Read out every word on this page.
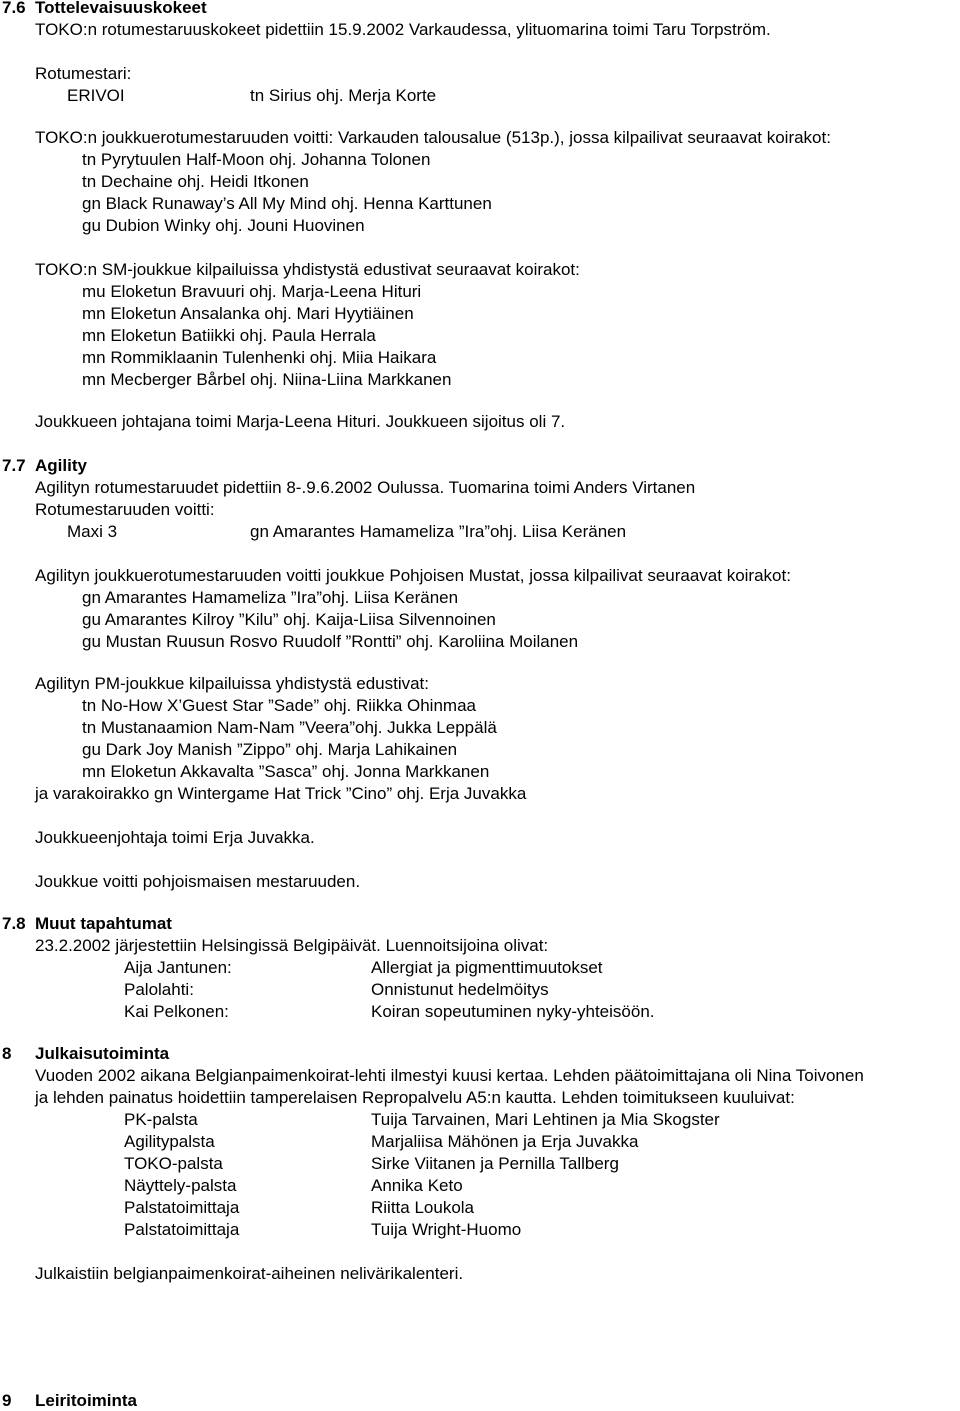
7.6 Tottelevaisuuskokeet
TOKO:n rotumestaruuskokeet pidettiin 15.9.2002 Varkaudessa, ylituomarina toimi Taru Torpström.
Rotumestari:
ERIVOI	tn Sirius ohj. Merja Korte
TOKO:n joukkuerotumestaruuden voitti: Varkauden talousalue (513p.), jossa kilpailivat seuraavat koirakot:
tn Pyrytuulen Half-Moon ohj. Johanna Tolonen
tn Dechaine ohj. Heidi Itkonen
gn Black Runaway’s All My Mind ohj. Henna Karttunen
gu Dubion Winky ohj. Jouni Huovinen
TOKO:n SM-joukkue kilpailuissa yhdistystä edustivat seuraavat koirakot:
mu Eloketun Bravuuri ohj. Marja-Leena Hituri
mn Eloketun Ansalanka ohj. Mari Hyytiäinen
mn Eloketun Batiikki ohj. Paula Herrala
mn Rommiklaanin Tulenhenki ohj. Miia Haikara
mn Mecberger Bårbel ohj. Niina-Liina Markkanen
Joukkueen johtajana toimi Marja-Leena Hituri. Joukkueen sijoitus oli 7.
7.7 Agility
Agilityn rotumestaruudet pidettiin 8-.9.6.2002 Oulussa. Tuomarina toimi Anders Virtanen
Rotumestaruuden voitti:
Maxi 3	gn Amarantes Hamameliza ”Ira”ohj. Liisa Keränen
Agilityn joukkuerotumestaruuden voitti joukkue Pohjoisen Mustat, jossa kilpailivat seuraavat koirakot:
gn Amarantes Hamameliza ”Ira”ohj. Liisa Keränen
gu Amarantes Kilroy ”Kilu” ohj. Kaija-Liisa Silvennoinen
gu Mustan Ruusun Rosvo Ruudolf ”Rontti” ohj. Karoliina Moilanen
Agilityn PM-joukkue kilpailuissa yhdistystä edustivat:
tn No-How X’Guest Star ”Sade” ohj. Riikka Ohinmaa
tn Mustanaamion Nam-Nam ”Veera”ohj. Jukka Leppälä
gu Dark Joy Manish ”Zippo” ohj. Marja Lahikainen
mn Eloketun Akkavalta ”Sasca” ohj. Jonna Markkanen
ja varakoirakko gn Wintergame Hat Trick ”Cino” ohj. Erja Juvakka
Joukkueenjohtaja toimi Erja Juvakka.
Joukkue voitti pohjoismaisen mestaruuden.
7.8 Muut tapahtumat
23.2.2002 järjestettiin Helsingissä Belgipäivät. Luennoitsijoina olivat:
Aija Jantunen:	Allergiat ja pigmenttimuutokset
Palolahti:	Onnistunut hedelmöitys
Kai Pelkonen:	Koiran sopeutuminen nyky-yhteisöön.
8 Julkaisutoiminta
Vuoden 2002 aikana Belgianpaimenkoirat-lehti ilmestyi kuusi kertaa. Lehden päätoimittajana oli Nina Toivonen
ja lehden painatus hoidettiin tamperelaisen Repropalvelu A5:n kautta. Lehden toimitukseen kuuluivat:
PK-palsta	Tuija Tarvainen, Mari Lehtinen ja Mia Skogster
Agilitypalsta	Marjaliisa Mähönen ja Erja Juvakka
TOKO-palsta	Sirke Viitanen ja Pernilla Tallberg
Näyttely-palsta	Annika Keto
Palstatoimittaja	Riitta Loukola
Palstatoimittaja	Tuija Wright-Huomo
Julkaistiin belgianpaimenkoirat-aiheinen nelivärikalenteri.
9 Leiritoiminta
